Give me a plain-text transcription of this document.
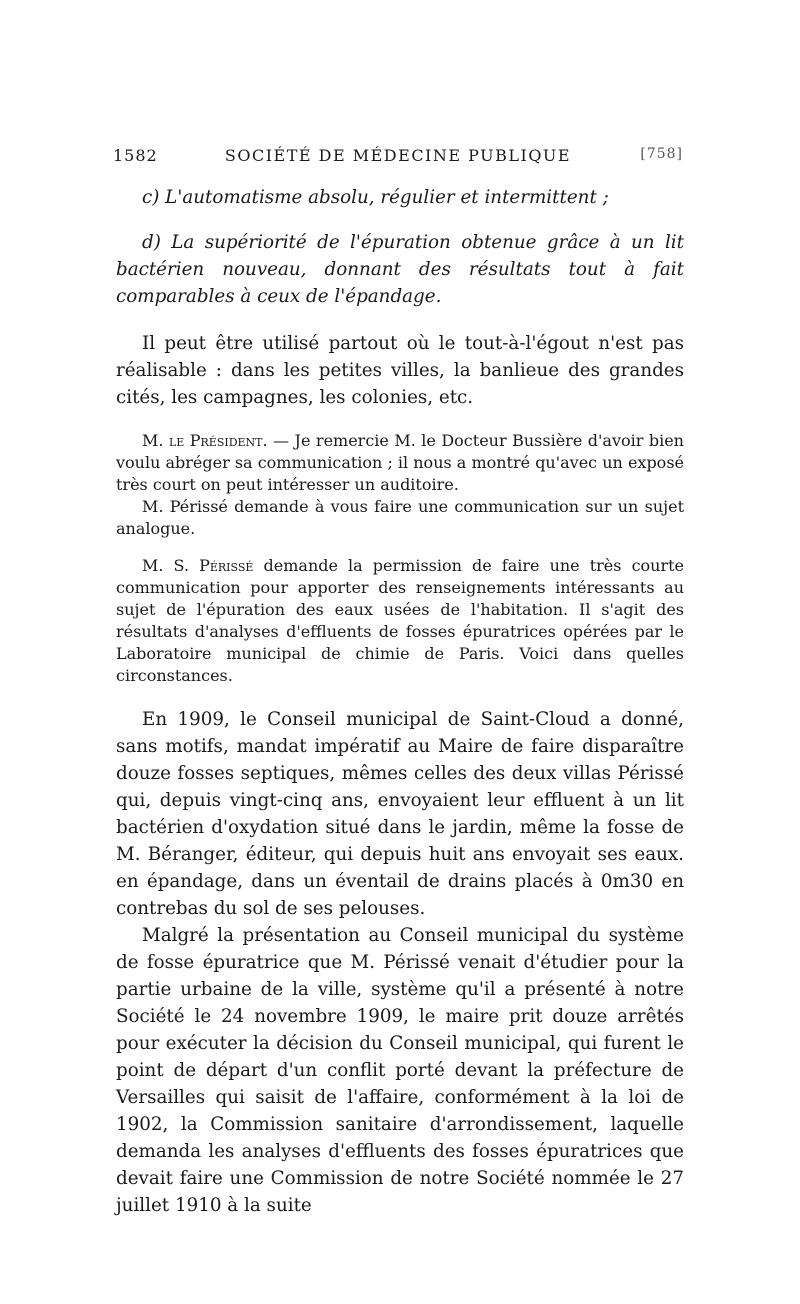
1582	SOCIÉTÉ DE MÉDECINE PUBLIQUE	[758]

c) L'automatisme absolu, régulier et intermittent ;

d) La supériorité de l'épuration obtenue grâce à un lit bactérien nouveau, donnant des résultats tout à fait comparables à ceux de l'épandage.

Il peut être utilisé partout où le tout-à-l'égout n'est pas réalisable : dans les petites villes, la banlieue des grandes cités, les campagnes, les colonies, etc.

M. le Président. — Je remercie M. le Docteur Bussière d'avoir bien voulu abréger sa communication ; il nous a montré qu'avec un exposé très court on peut intéresser un auditoire.

M. Périssé demande à vous faire une communication sur un sujet analogue.

M. S. Périssé demande la permission de faire une très courte communication pour apporter des renseignements intéressants au sujet de l'épuration des eaux usées de l'habitation. Il s'agit des résultats d'analyses d'effluents de fosses épuratrices opérées par le Laboratoire municipal de chimie de Paris. Voici dans quelles circonstances.

En 1909, le Conseil municipal de Saint-Cloud a donné, sans motifs, mandat impératif au Maire de faire disparaître douze fosses septiques, mêmes celles des deux villas Périssé qui, depuis vingt-cinq ans, envoyaient leur effluent à un lit bactérien d'oxydation situé dans le jardin, même la fosse de M. Béranger, éditeur, qui depuis huit ans envoyait ses eaux. en épandage, dans un éventail de drains placés à 0m30 en contrebas du sol de ses pelouses.

Malgré la présentation au Conseil municipal du système de fosse épuratrice que M. Périssé venait d'étudier pour la partie urbaine de la ville, système qu'il a présenté à notre Société le 24 novembre 1909, le maire prit douze arrêtés pour exécuter la décision du Conseil municipal, qui furent le point de départ d'un conflit porté devant la préfecture de Versailles qui saisit de l'affaire, conformément à la loi de 1902, la Commission sanitaire d'arrondissement, laquelle demanda les analyses d'effluents des fosses épuratrices que devait faire une Commission de notre Société nommée le 27 juillet 1910 à la suite
